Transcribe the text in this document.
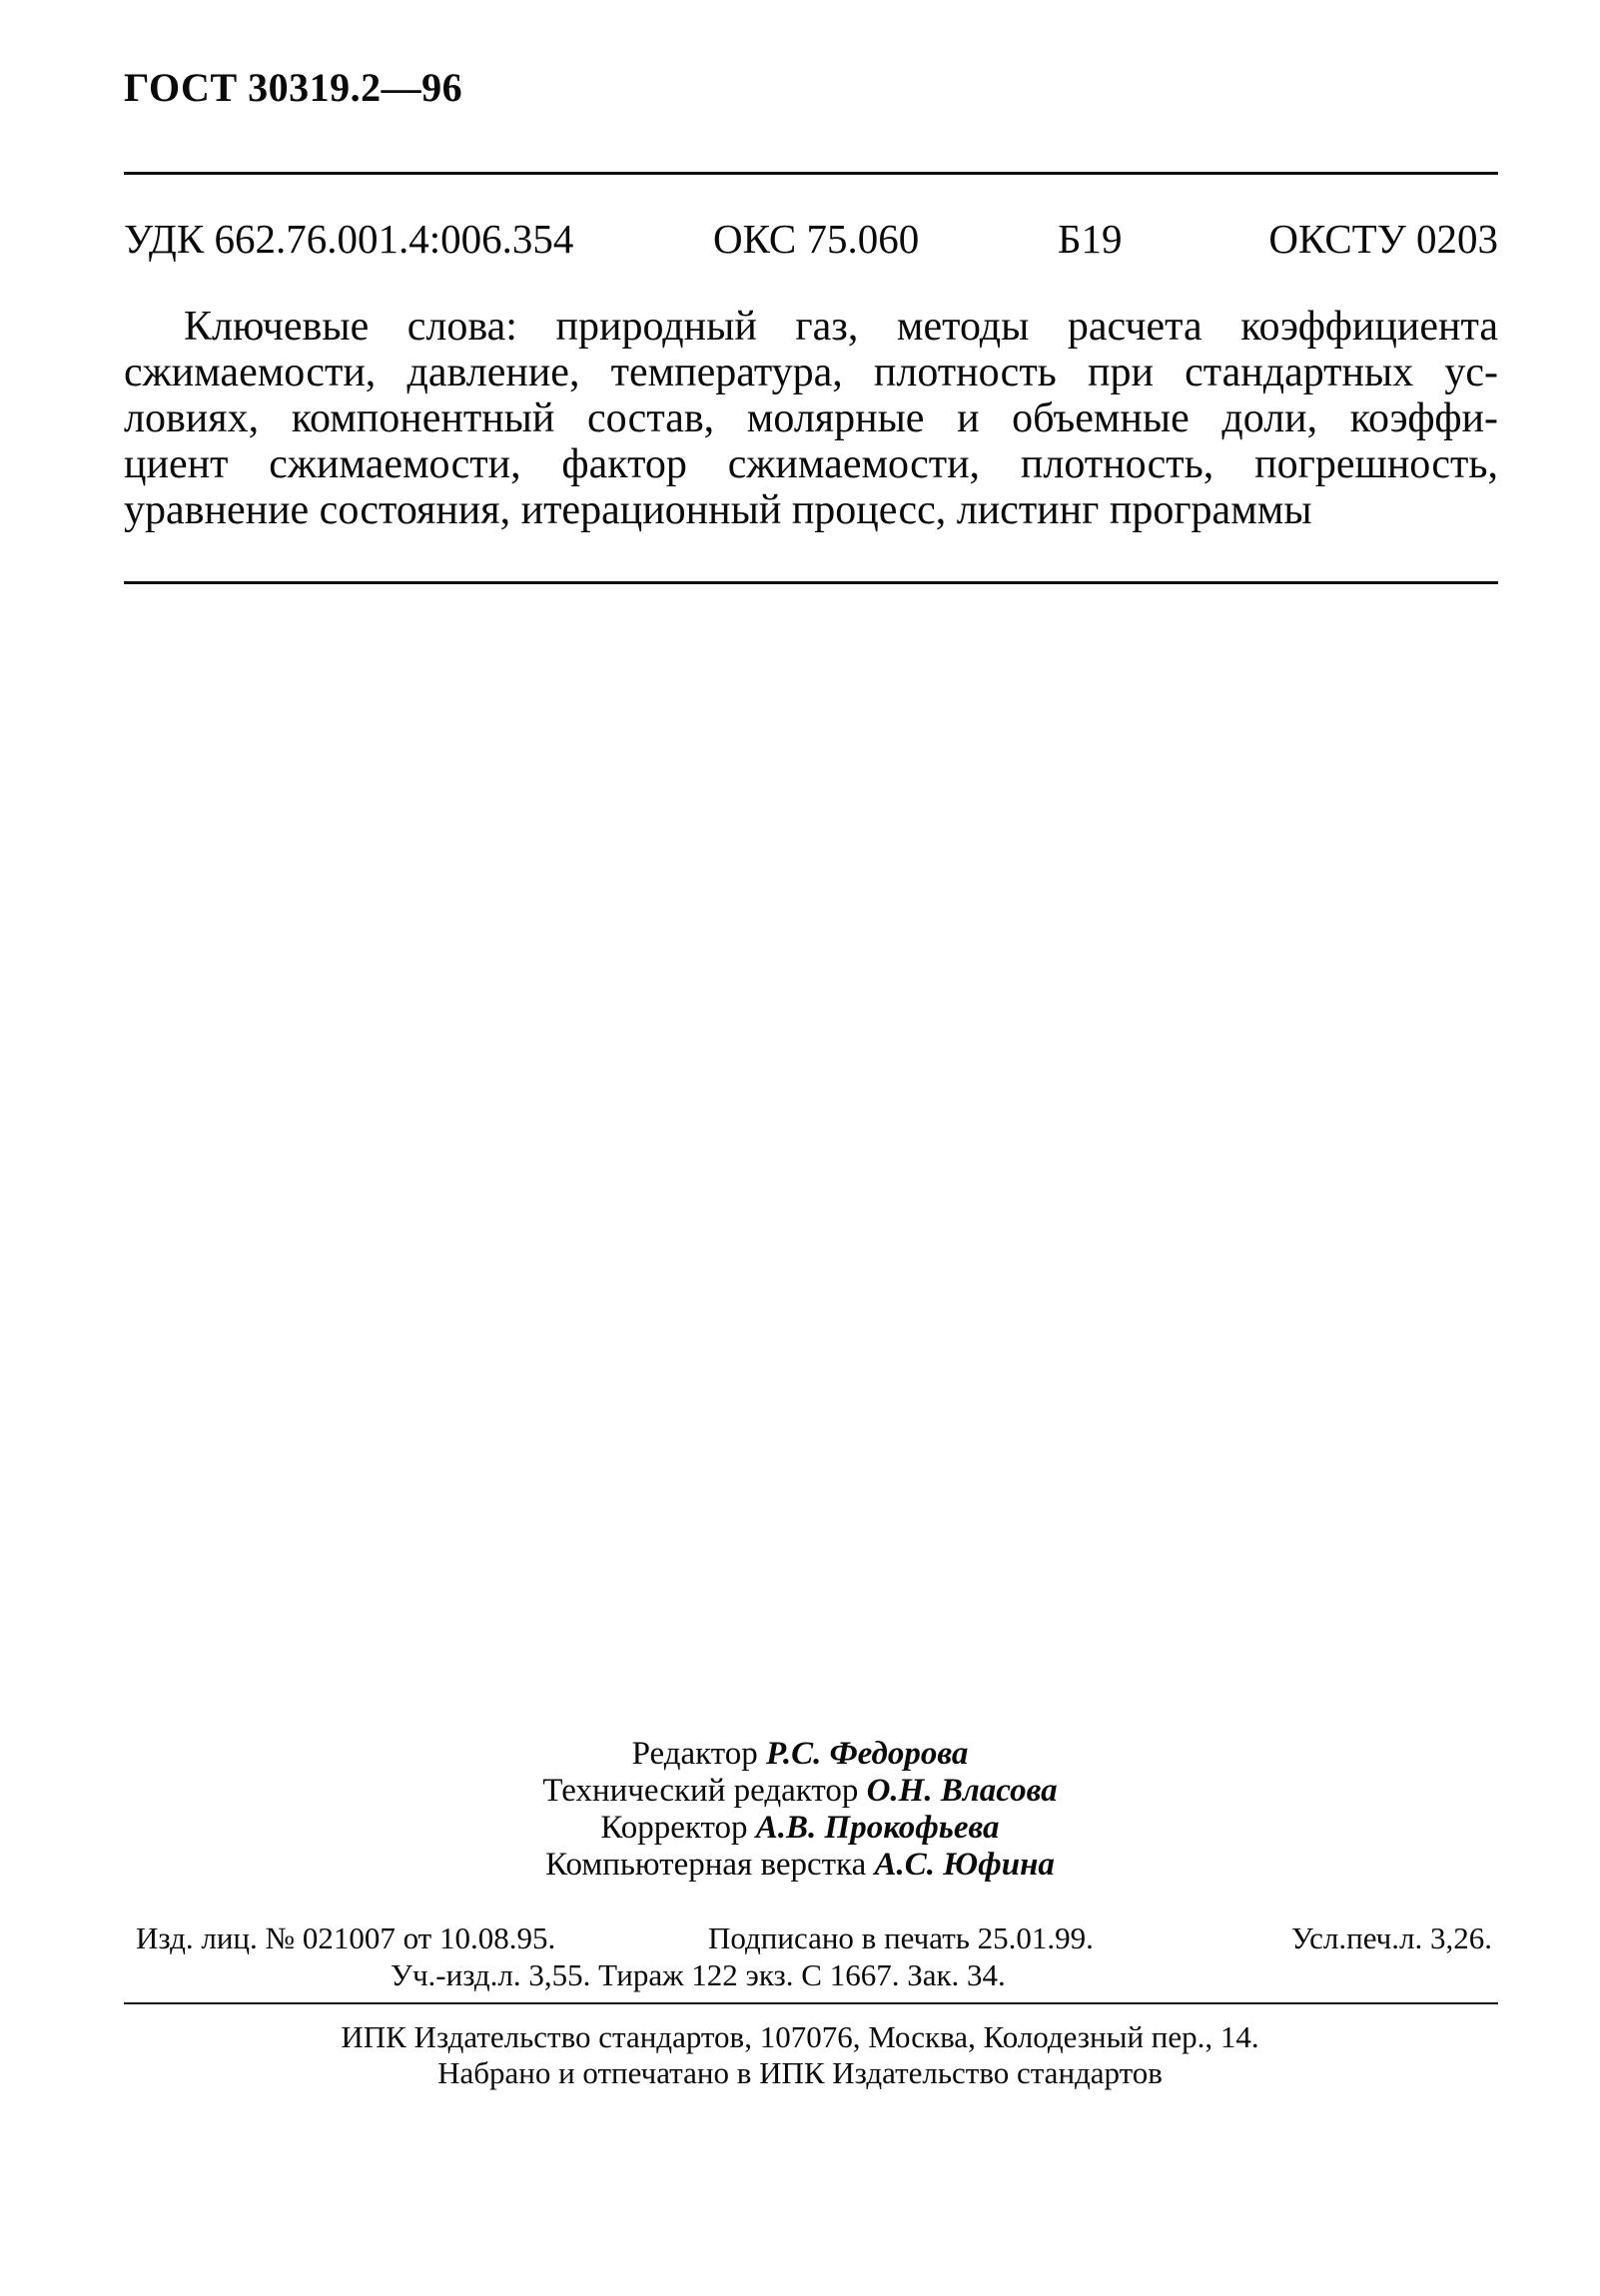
ГОСТ 30319.2—96
УДК 662.76.001.4:006.354	ОКС 75.060	Б19	ОКСТУ 0203
Ключевые слова: природный газ, методы расчета коэффициента
сжимаемости, давление, температура, плотность при стандартных ус-
ловиях, компонентный состав, молярные и объемные доли, коэффи-
циент сжимаемости, фактор сжимаемости, плотность, погрешность,
уравнение состояния, итерационный процесс, листинг программы
Редактор Р.С. Федорова
Технический редактор О.Н. Власова
Корректор А.В. Прокофьева
Компьютерная верстка А.С. Юфина
Изд. лиц. № 021007 от 10.08.95.	Подписано в печать 25.01.99.	Усл.печ.л. 3,26.
Уч.-изд.л. 3,55. Тираж 122 экз. С 1667. Зак. 34.
ИПК Издательство стандартов, 107076, Москва, Колодезный пер., 14.
Набрано и отпечатано в ИПК Издательство стандартов
